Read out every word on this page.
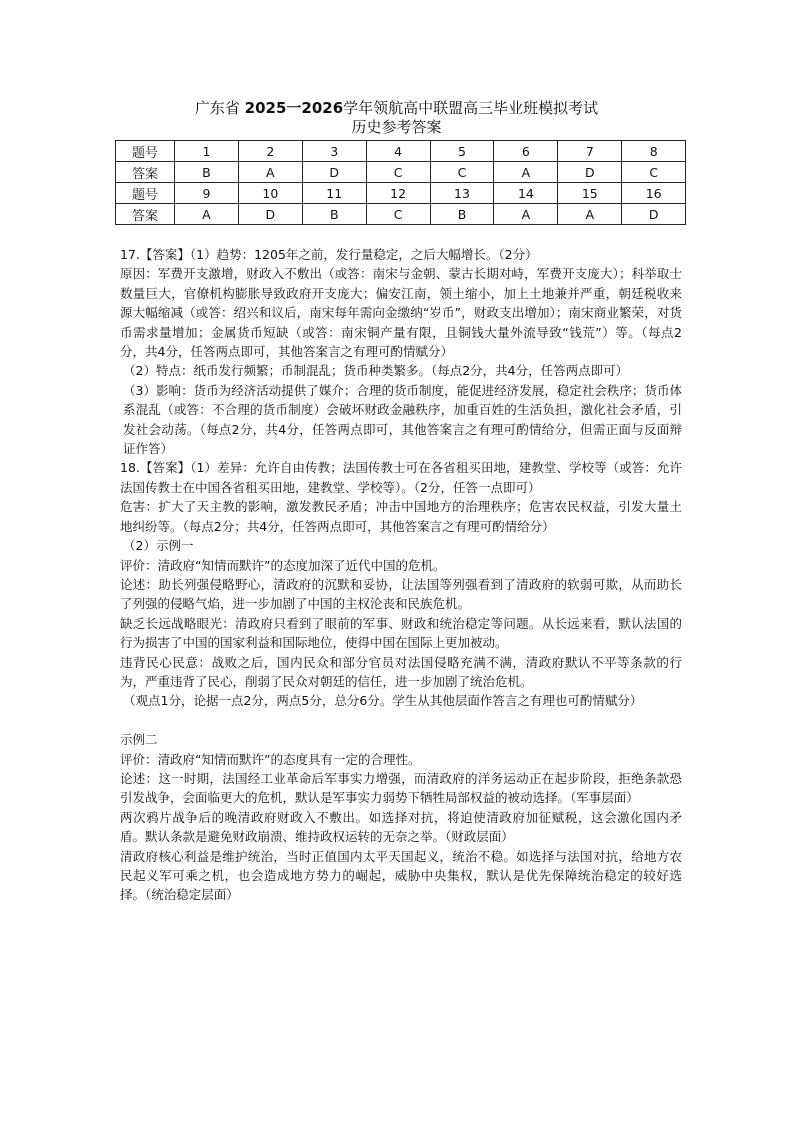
广东省 2025一2026学年领航高中联盟高三毕业班模拟考试
历史参考答案
题号	1	2	3	4	5	6	7	8
答案	B	A	D	C	C	A	D	C
题号	9	10	11	12	13	14	15	16
答案	A	D	B	C	B	A	A	D

17.【答案】（1）趋势：1205年之前，发行量稳定，之后大幅增长。（2分）

原因：军费开支激增，财政入不敷出（或答：南宋与金朝、蒙古长期对峙，军费开支庞大）；科举取士数量巨大，官僚机构膨胀导致政府开支庞大；偏安江南，领土缩小，加上土地兼并严重，朝廷税收来源大幅缩减（或答：绍兴和议后，南宋每年需向金缴纳“岁币”，财政支出增加）；南宋商业繁荣，对货币需求量增加；金属货币短缺（或答：南宋铜产量有限，且铜钱大量外流导致“钱荒”）等。（每点2分，共4分，任答两点即可，其他答案言之有理可酌情赋分）

（2）特点：纸币发行频繁；币制混乱；货币种类繁多。（每点2分，共4分，任答两点即可）

（3）影响：货币为经济活动提供了媒介；合理的货币制度，能促进经济发展，稳定社会秩序；货币体系混乱（或答：不合理的货币制度）会破坏财政金融秩序，加重百姓的生活负担，激化社会矛盾，引发社会动荡。（每点2分，共4分，任答两点即可，其他答案言之有理可酌情给分，但需正面与反面辩证作答）

18.【答案】（1）差异：允许自由传教；法国传教士可在各省租买田地，建教堂、学校等（或答：允许法国传教士在中国各省租买田地，建教堂、学校等）。（2分，任答一点即可）

危害：扩大了天主教的影响，激发教民矛盾；冲击中国地方的治理秩序；危害农民权益，引发大量土地纠纷等。（每点2分；共4分，任答两点即可，其他答案言之有理可酌情给分）

（2）示例一

评价：清政府“知情而默许”的态度加深了近代中国的危机。

论述：助长列强侵略野心，清政府的沉默和妥协，让法国等列强看到了清政府的软弱可欺，从而助长了列强的侵略气焰，进一步加剧了中国的主权沦丧和民族危机。

缺乏长远战略眼光：清政府只看到了眼前的军事、财政和统治稳定等问题。从长远来看，默认法国的行为损害了中国的国家利益和国际地位，使得中国在国际上更加被动。

违背民心民意：战败之后，国内民众和部分官员对法国侵略充满不满，清政府默认不平等条款的行为，严重违背了民心，削弱了民众对朝廷的信任，进一步加剧了统治危机。

（观点1分，论据一点2分，两点5分，总分6分。学生从其他层面作答言之有理也可酌情赋分）

示例二

评价：清政府“知情而默许”的态度具有一定的合理性。

论述：这一时期，法国经工业革命后军事实力增强，而清政府的洋务运动正在起步阶段，拒绝条款恐引发战争，会面临更大的危机，默认是军事实力弱势下牺牲局部权益的被动选择。（军事层面）

两次鸦片战争后的晚清政府财政入不敷出。如选择对抗，将迫使清政府加征赋税，这会激化国内矛盾。默认条款是避免财政崩溃、维持政权运转的无奈之举。（财政层面）

清政府核心利益是维护统治，当时正值国内太平天国起义，统治不稳。如选择与法国对抗，给地方农民起义军可乘之机，也会造成地方势力的崛起，威胁中央集权，默认是优先保障统治稳定的较好选择。（统治稳定层面）
